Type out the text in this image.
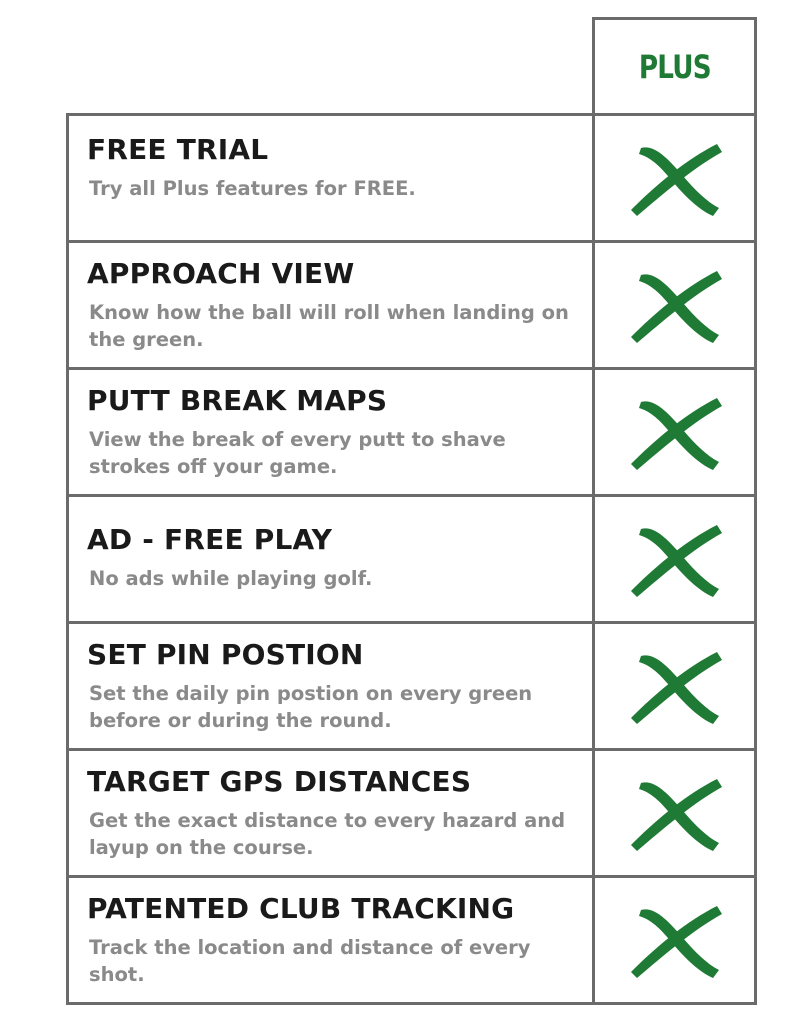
PLUS
FREE TRIAL
Try all Plus features for FREE.
APPROACH VIEW
Know how the ball will roll when landing on the green.
PUTT BREAK MAPS
View the break of every putt to shave strokes off your game.
AD - FREE PLAY
No ads while playing golf.
SET PIN POSTION
Set the daily pin postion on every green before or during the round.
TARGET GPS DISTANCES
Get the exact distance to every hazard and layup on the course.
PATENTED CLUB TRACKING
Track the location and distance of every shot.
